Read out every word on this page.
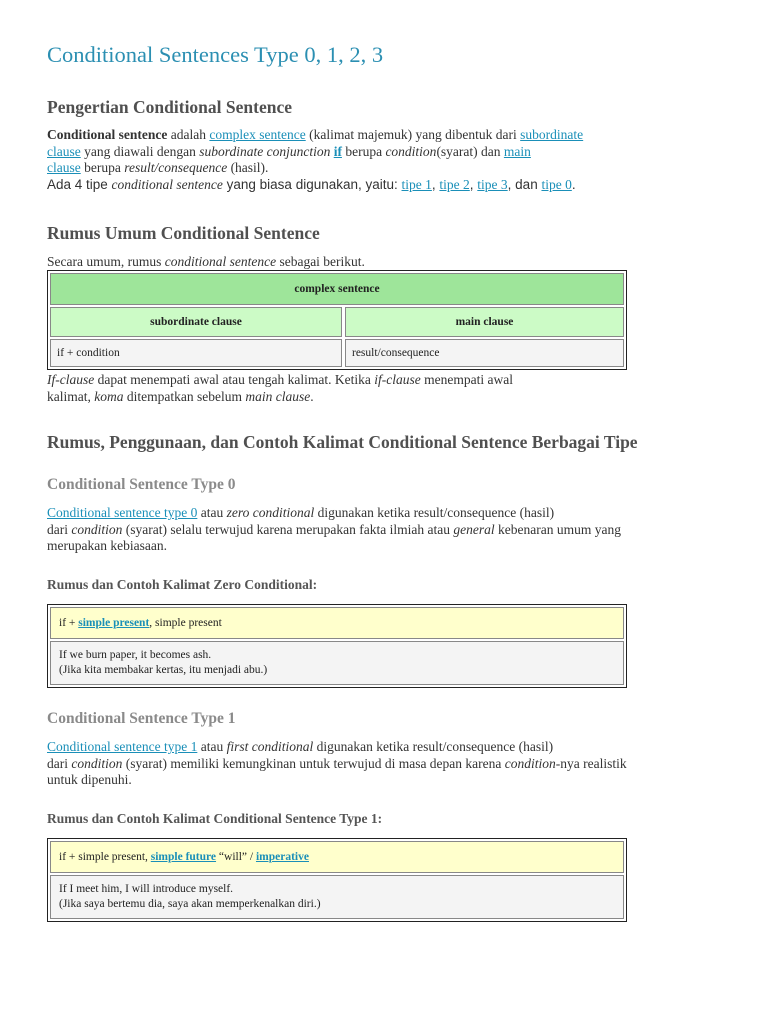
Conditional Sentences Type 0, 1, 2, 3
Pengertian Conditional Sentence
Conditional sentence adalah complex sentence (kalimat majemuk) yang dibentuk dari subordinate
clause yang diawali dengan subordinate conjunction if berupa condition(syarat) dan main
clause berupa result/consequence (hasil).
Ada 4 tipe conditional sentence yang biasa digunakan, yaitu: tipe 1, tipe 2, tipe 3, dan tipe 0.
Rumus Umum Conditional Sentence
Secara umum, rumus conditional sentence sebagai berikut.
complex sentence
subordinate clause	main clause
if + condition	result/consequence
If-clause dapat menempati awal atau tengah kalimat. Ketika if-clause menempati awal
kalimat, koma ditempatkan sebelum main clause.
Rumus, Penggunaan, dan Contoh Kalimat Conditional Sentence Berbagai Tipe
Conditional Sentence Type 0
Conditional sentence type 0 atau zero conditional digunakan ketika result/consequence (hasil)
dari condition (syarat) selalu terwujud karena merupakan fakta ilmiah atau general kebenaran umum yang
merupakan kebiasaan.
Rumus dan Contoh Kalimat Zero Conditional:
if + simple present, simple present
If we burn paper, it becomes ash.
(Jika kita membakar kertas, itu menjadi abu.)
Conditional Sentence Type 1
Conditional sentence type 1 atau first conditional digunakan ketika result/consequence (hasil)
dari condition (syarat) memiliki kemungkinan untuk terwujud di masa depan karena condition-nya realistik
untuk dipenuhi.
Rumus dan Contoh Kalimat Conditional Sentence Type 1:
if + simple present, simple future “will” / imperative
If I meet him, I will introduce myself.
(Jika saya bertemu dia, saya akan memperkenalkan diri.)
